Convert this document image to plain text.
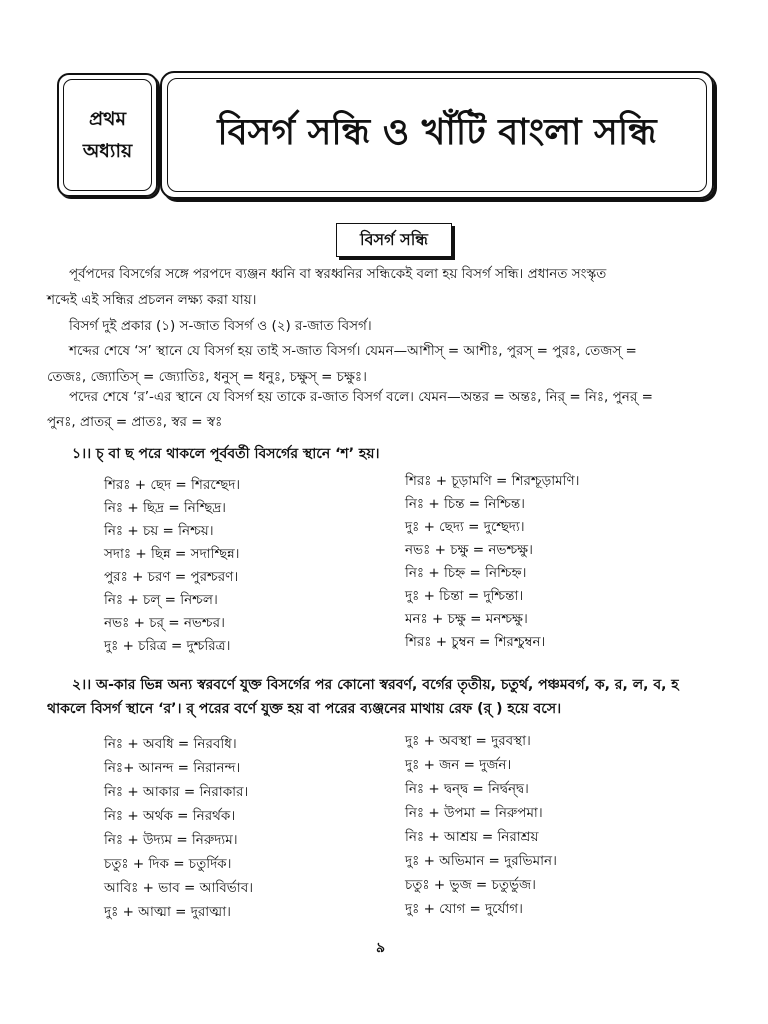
প্রথম
অধ্যায় বিসর্গ সন্ধি ও খাঁটি বাংলা সন্ধি
বিসর্গ সন্ধি
পূর্বপদের বিসর্গের সঙ্গে পরপদে ব্যঞ্জন ধ্বনি বা স্বরধ্বনির সন্ধিকেই বলা হয় বিসর্গ সন্ধি। প্রধানত সংস্কৃত
শব্দেই এই সন্ধির প্রচলন লক্ষ্য করা যায়।
বিসর্গ দুই প্রকার (১) স-জাত বিসর্গ ও (২) র-জাত বিসর্গ।
শব্দের শেষে ‘স’ স্থানে যে বিসর্গ হয় তাই স-জাত বিসর্গ। যেমন—আশীস্ = আশীঃ, পুরস্ = পুরঃ, তেজস্ =
তেজঃ, জ্যোতিস্ = জ্যোতিঃ, ধনুস্ = ধনুঃ, চক্ষুস্ = চক্ষুঃ।
পদের শেষে ‘র’-এর স্থানে যে বিসর্গ হয় তাকে র-জাত বিসর্গ বলে। যেমন—অন্তর = অন্তঃ, নির্ = নিঃ, পুনর্ =
পুনঃ, প্রাতর্ = প্রাতঃ, স্বর = স্বঃ
১।। চ্ বা ছ পরে থাকলে পূর্ববর্তী বিসর্গের স্থানে ‘শ’ হয়।
শিরঃ + ছেদ = শিরশ্ছেদ।
নিঃ + ছিদ্র = নিশ্ছিদ্র।
নিঃ + চয় = নিশ্চয়।
সদাঃ + ছিন্ন = সদাশ্ছিন্ন।
পুরঃ + চরণ = পুরশ্চরণ।
নিঃ + চল্ = নিশ্চল।
নভঃ + চর্ = নভশ্চর।
দুঃ + চরিত্র = দুশ্চরিত্র।
শিরঃ + চূড়ামণি = শিরশ্চূড়ামণি।
নিঃ + চিন্ত = নিশ্চিন্ত।
দুঃ + ছেদ্য = দুশ্ছেদ্য।
নভঃ + চক্ষু = নভশ্চক্ষু।
নিঃ + চিহ্ন = নিশ্চিহ্ন।
দুঃ + চিন্তা = দুশ্চিন্তা।
মনঃ + চক্ষু = মনশ্চক্ষু।
শিরঃ + চুম্বন = শিরশ্চুম্বন।
২।। অ-কার ভিন্ন অন্য স্বরবর্ণে যুক্ত বিসর্গের পর কোনো স্বরবর্ণ, বর্গের তৃতীয়, চতুর্থ, পঞ্চমবর্গ, ক, র, ল, ব, হ
থাকলে বিসর্গ স্থানে ‘র’। র্ পরের বর্ণে যুক্ত হয় বা পরের ব্যঞ্জনের মাথায় রেফ (র্ ) হয়ে বসে।
নিঃ + অবধি = নিরবধি।
নিঃ+ আনন্দ = নিরানন্দ।
নিঃ + আকার = নিরাকার।
নিঃ + অর্থক = নিরর্থক।
নিঃ + উদ্যম = নিরুদ্যম।
চতুঃ + দিক = চতুর্দিক।
আবিঃ + ভাব = আবির্ভাব।
দুঃ + আত্মা = দুরাত্মা।
দুঃ + অবস্থা = দুরবস্থা।
দুঃ + জন = দুর্জন।
নিঃ + দ্বন্দ্ব = নির্দ্বন্দ্ব।
নিঃ + উপমা = নিরুপমা।
নিঃ + আশ্রয় = নিরাশ্রয়
দুঃ + অভিমান = দুরভিমান।
চতুঃ + ভুজ = চতুর্ভুজ।
দুঃ + যোগ = দুর্যোগ।
৯
